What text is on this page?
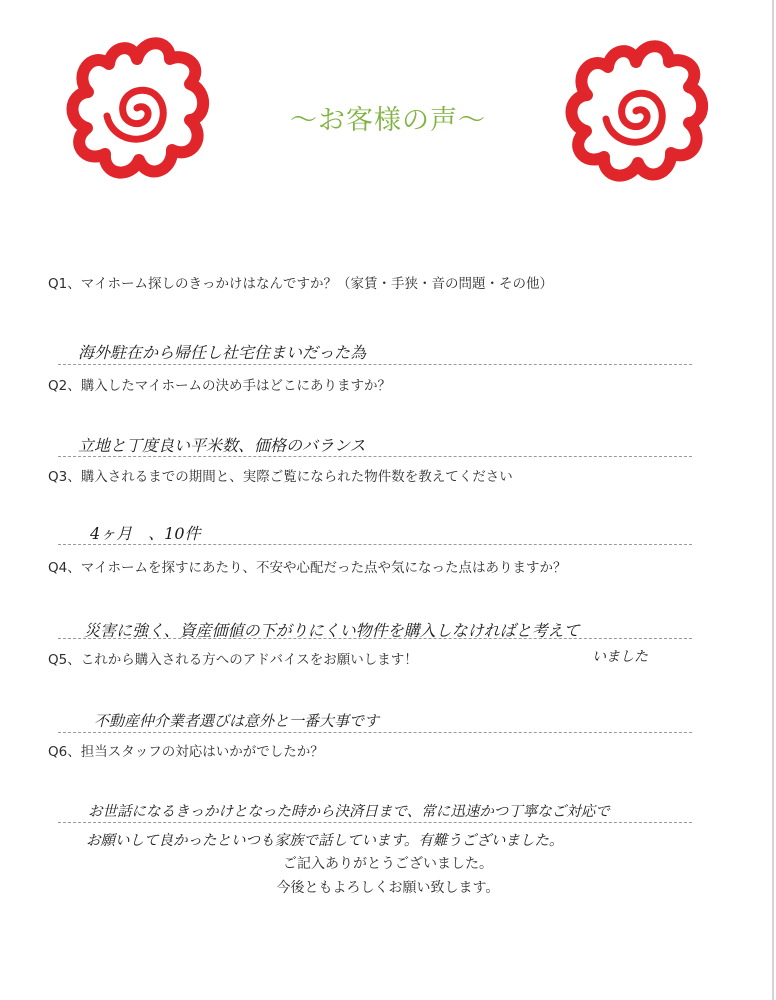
〜お客様の声〜
Q1、マイホーム探しのきっかけはなんですか？（家賃・手狭・音の問題・その他）
海外駐在から帰任し社宅住まいだった為
Q2、購入したマイホームの決め手はどこにありますか？
立地と丁度良い平米数、価格のバランス
Q3、購入されるまでの期間と、実際ご覧になられた物件数を教えてください
4ヶ月　、10件
Q4、マイホームを探すにあたり、不安や心配だった点や気になった点はありますか？
災害に強く、資産価値の下がりにくい物件を購入しなければと考えて
Q5、これから購入される方へのアドバイスをお願いします！	いました
不動産仲介業者選びは意外と一番大事です
Q6、担当スタッフの対応はいかがでしたか？
お世話になるきっかけとなった時から決済日まで、常に迅速かつ丁寧なご対応で
お願いして良かったといつも家族で話しています。有難うございました。
ご記入ありがとうございました。
今後ともよろしくお願い致します。
